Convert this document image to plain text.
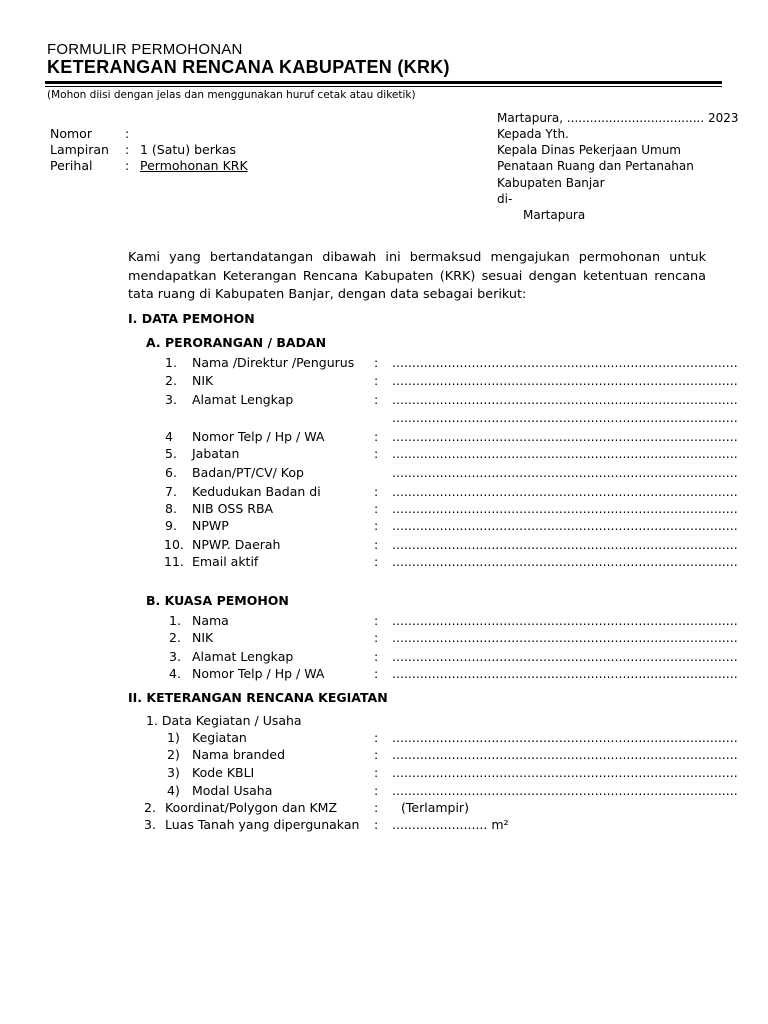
FORMULIR PERMOHONAN
KETERANGAN RENCANA KABUPATEN (KRK)
(Mohon diisi dengan jelas dan menggunakan huruf cetak atau diketik)
Nomor	:
Lampiran : 1 (Satu) berkas
Perihal	: Permohonan KRK
Martapura, .................................... 2023
Kepada Yth.
Kepala Dinas Pekerjaan Umum
Penataan Ruang dan Pertanahan
Kabupaten Banjar
di-
Martapura
Kami yang bertandatangan dibawah ini bermaksud mengajukan permohonan untuk mendapatkan Keterangan Rencana Kabupaten (KRK) sesuai dengan ketentuan rencana tata ruang di Kabupaten Banjar, dengan data sebagai berikut:
I. DATA PEMOHON
A. PERORANGAN / BADAN
1. Nama /Direktur /Pengurus : .......................................................................................
2. NIK	: .......................................................................................
3. Alamat Lengkap	: .......................................................................................
.......................................................................................
4 Nomor Telp / Hp / WA	: .......................................................................................
5. Jabatan	: .......................................................................................
6. Badan/PT/CV/ Kop	.......................................................................................
7. Kedudukan Badan di	: .......................................................................................
8. NIB OSS RBA	: .......................................................................................
9. NPWP	: .......................................................................................
10. NPWP. Daerah	: .......................................................................................
11. Email aktif	: .......................................................................................
B. KUASA PEMOHON
1. Nama	: .......................................................................................
2. NIK	: .......................................................................................
3. Alamat Lengkap	: .......................................................................................
4. Nomor Telp / Hp / WA	: .......................................................................................
II. KETERANGAN RENCANA KEGIATAN
1. Data Kegiatan / Usaha
1) Kegiatan	: .......................................................................................
2) Nama branded	: .......................................................................................
3) Kode KBLI	: .......................................................................................
4) Modal Usaha	: .......................................................................................
2. Koordinat/Polygon dan KMZ	: (Terlampir)
3. Luas Tanah yang dipergunakan : ........................ m²
